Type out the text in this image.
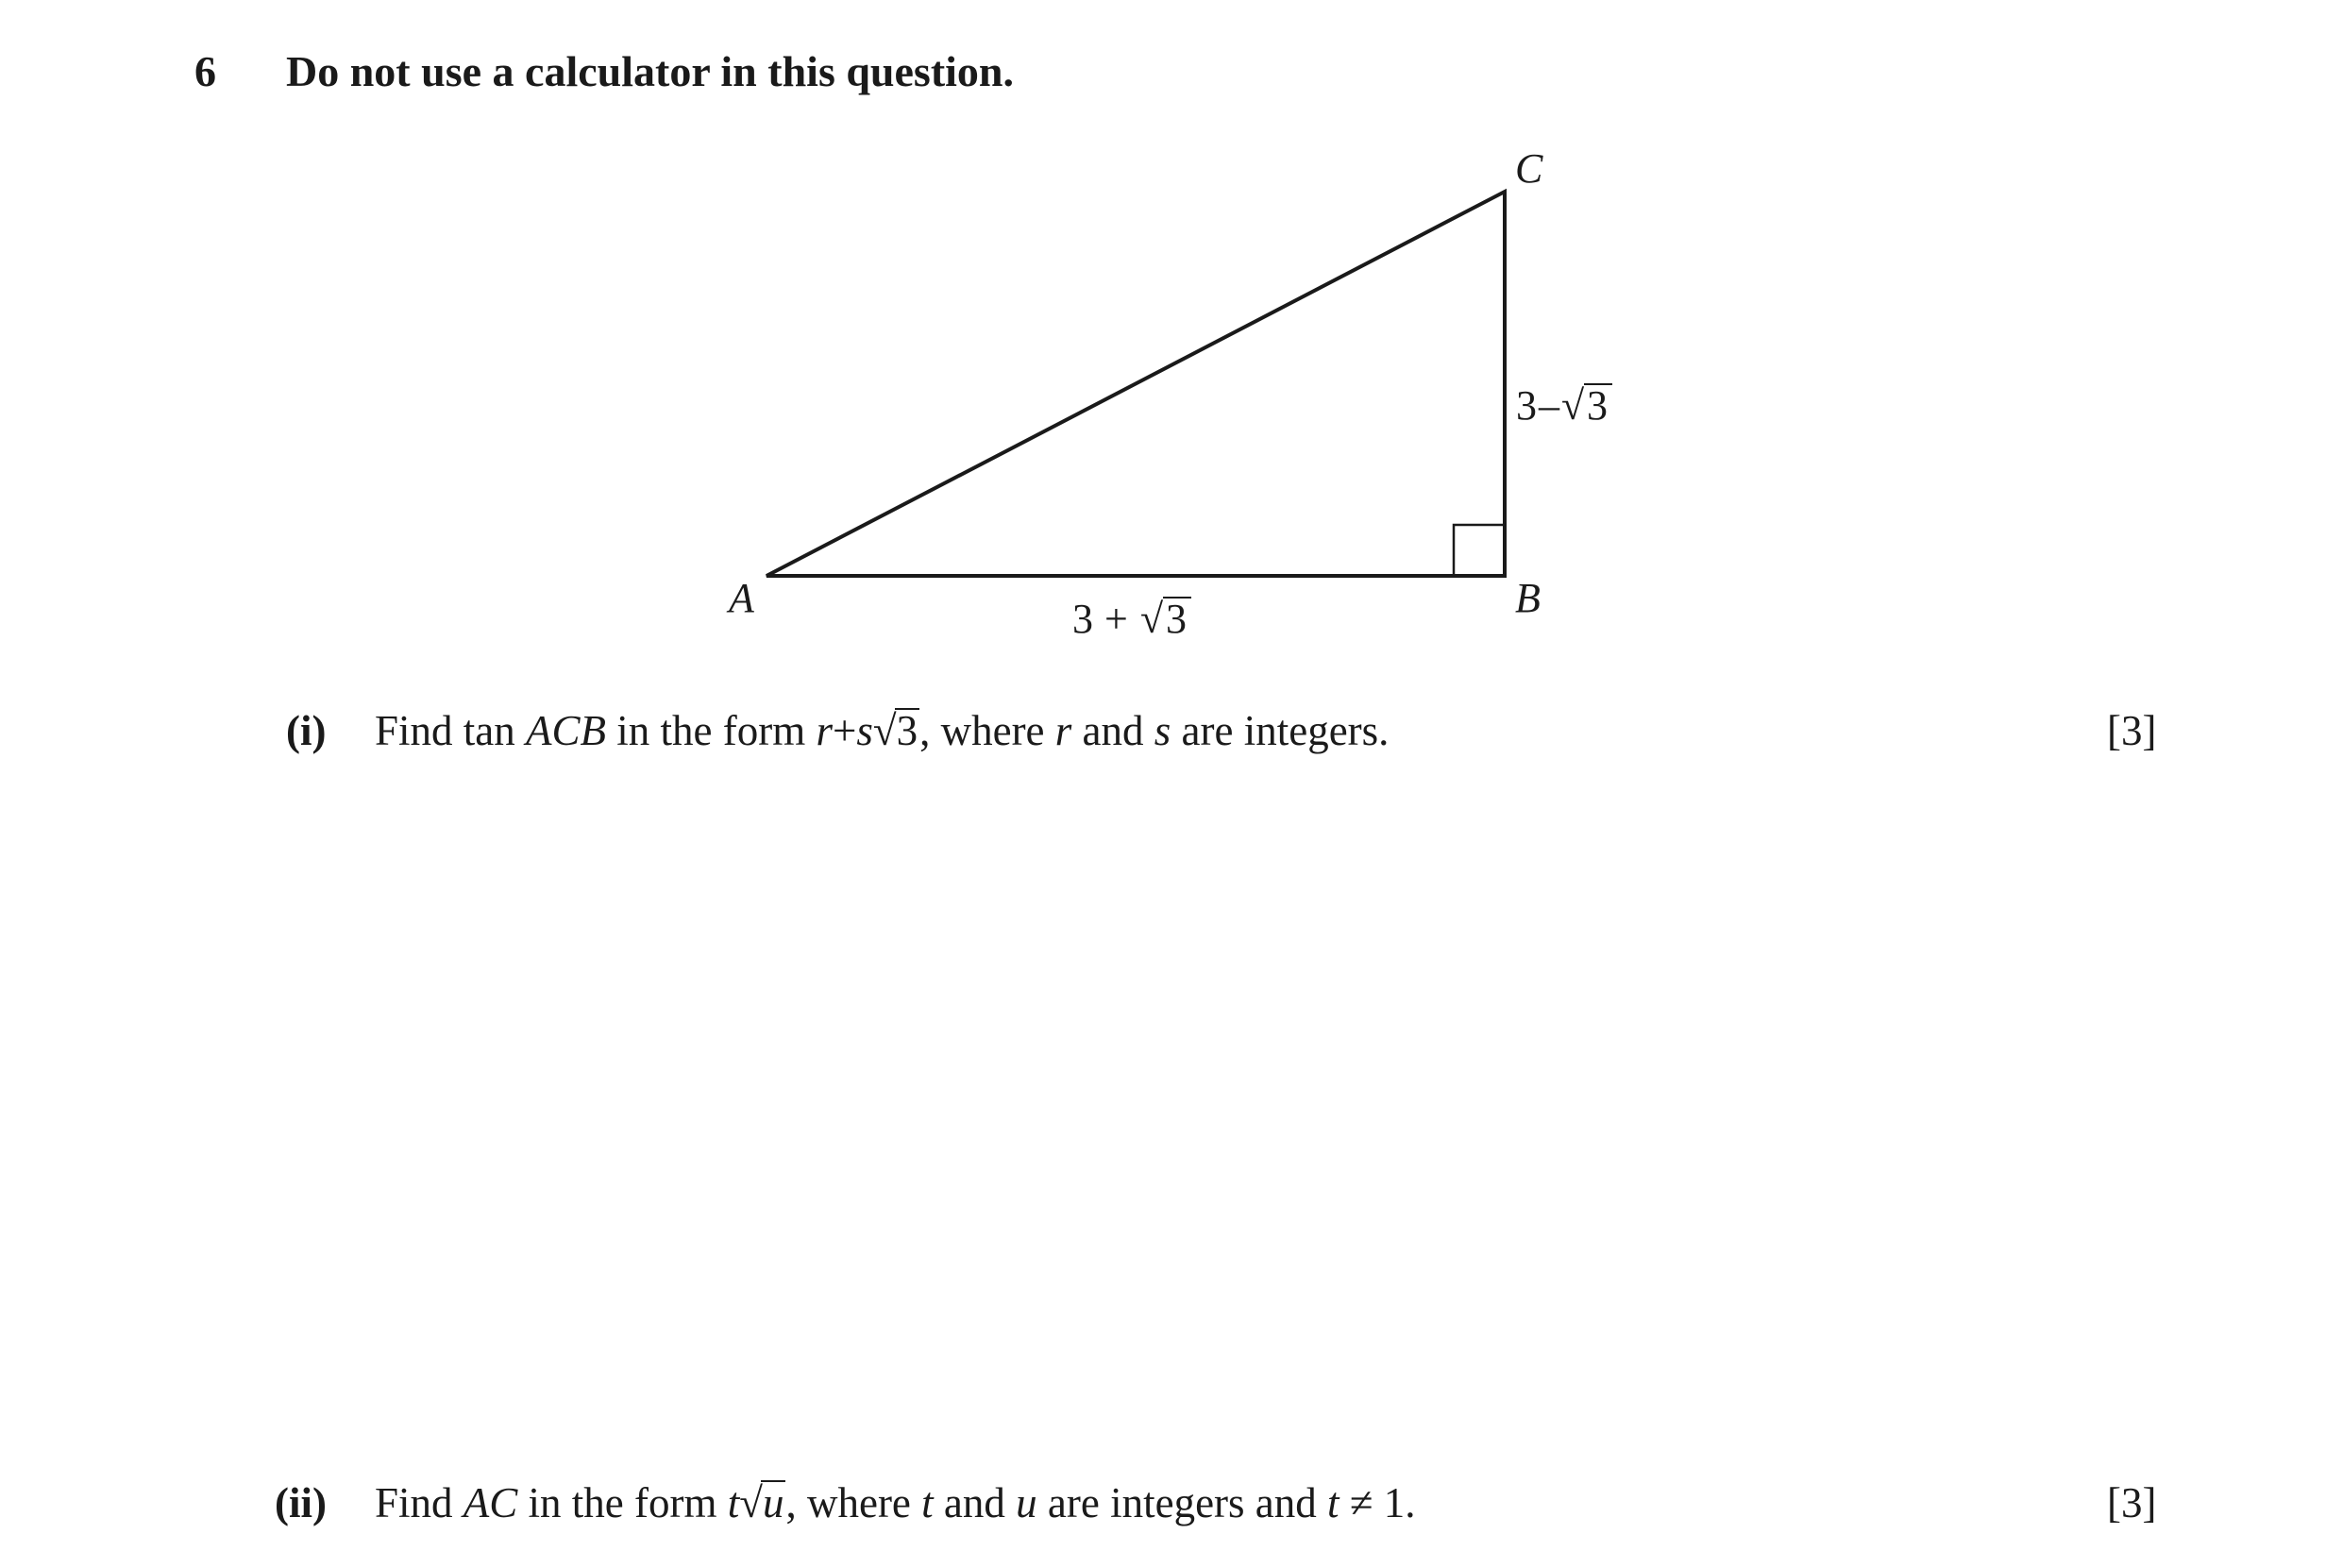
6 Do not use a calculator in this question.
A	B
C
3 + √ 3
3 – √ 3
(i) Find tan ACB in the form r+s√3, where r and s are integers.	[3]
(ii) Find AC in the form t√u, where t and u are integers and t ≠ 1.	[3]
